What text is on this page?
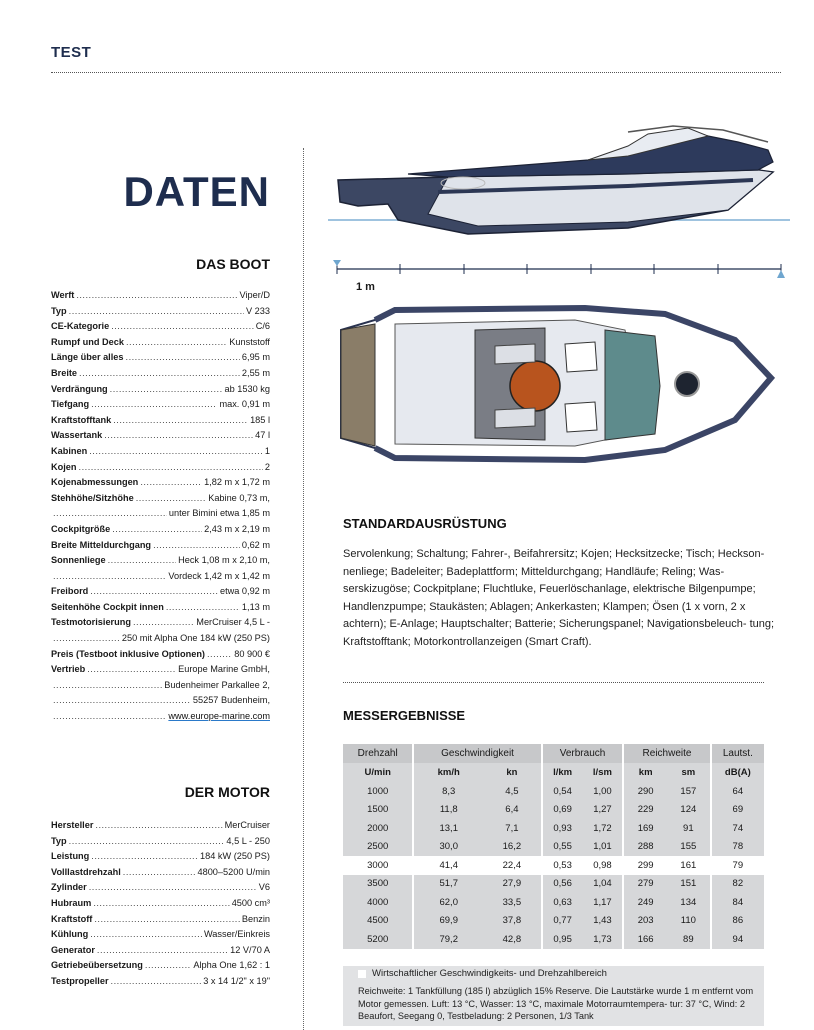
TEST
DATEN
DAS BOOT
Werft .....	Viper/D
Typ .....	V 233
CE-Kategorie .....	C/6
Rumpf und Deck .....	Kunststoff
Länge über alles .....	6,95 m
Breite .....	2,55 m
Verdrängung .....	ab 1530 kg
Tiefgang .....	max. 0,91 m
Kraftstofftank .....	185 l
Wassertank .....	47 l
Kabinen .....	1
Kojen .....	2
Kojenabmessungen .....	1,82 m x 1,72 m
Stehhöhe/Sitzhöhe .....	Kabine 0,73 m,
.....
unter Bimini etwa 1,85 m
Cockpitgröße .....	2,43 m x 2,19 m
Breite Mitteldurchgang .....	0,62 m
Sonnenliege .....	Heck 1,08 m x 2,10 m,
.....
Vordeck 1,42 m x 1,42 m
Freibord .....	etwa 0,92 m
Seitenhöhe Cockpit innen .....	1,13 m
Testmotorisierung .....	MerCruiser 4,5 L -
.....
250 mit Alpha One 184 kW (250 PS)
Preis (Testboot inklusive Optionen) .....	80 900 €
Vertrieb .....	Europe Marine GmbH,
.....
Budenheimer Parkallee 2,
.....
55257 Budenheim,
.....
www.europe-marine.com
DER MOTOR
Hersteller .....	MerCruiser
Typ .....	4,5 L - 250
Leistung .....	184 kW (250 PS)
Volllastdrehzahl .....	4800–5200 U/min
Zylinder .....	V6
Hubraum .....	4500 cm³
Kraftstoff .....	Benzin
Kühlung .....	Wasser/Einkreis
Generator .....	12 V/70 A
Getriebeübersetzung .....	Alpha One 1,62 : 1
Testpropeller .....	3 x 14 1/2" x 19"
1 m
STANDARDAUSRÜSTUNG
Servolenkung; Schaltung; Fahrer-, Beifahrersitz; Kojen; Hecksitzecke; Tisch; Heckson- nenliege; Badeleiter; Badeplattform; Mitteldurchgang; Handläufe; Reling; Was- serskizugöse; Cockpitplane; Fluchtluke, Feuerlöschanlage, elektrische Bilgenpumpe; Handlenzpumpe; Staukästen; Ablagen; Ankerkasten; Klampen; Ösen (1 x vorn, 2 x achtern); E-Anlage; Hauptschalter; Batterie; Sicherungspanel; Navigationsbeleuch- tung; Kraftstofftank; Motorkontrollanzeigen (Smart Craft).
MESSERGEBNISSE
Drehzahl	Geschwindigkeit		Verbrauch		Reichweite		Lautst.
U/min	km/h	kn	l/km	l/sm	km	sm	dB(A)
1000	8,3	4,5	0,54	1,00	290	157	64
1500	11,8	6,4	0,69	1,27	229	124	69
2000	13,1	7,1	0,93	1,72	169	91	74
2500	30,0	16,2	0,55	1,01	288	155	78
3000	41,4	22,4	0,53	0,98	299	161	79
3500	51,7	27,9	0,56	1,04	279	151	82
4000	62,0	33,5	0,63	1,17	249	134	84
4500	69,9	37,8	0,77	1,43	203	110	86
5200	79,2	42,8	0,95	1,73	166	89	94
Wirtschaftlicher Geschwindigkeits- und Drehzahlbereich
Reichweite: 1 Tankfüllung (185 l) abzüglich 15% Reserve. Die Lautstärke wurde 1 m entfernt vom Motor gemessen. Luft: 13 °C, Wasser: 13 °C, maximale Motorraumtempera- tur: 37 °C, Wind: 2 Beaufort, Seegang 0, Testbeladung: 2 Personen, 1/3 Tank
